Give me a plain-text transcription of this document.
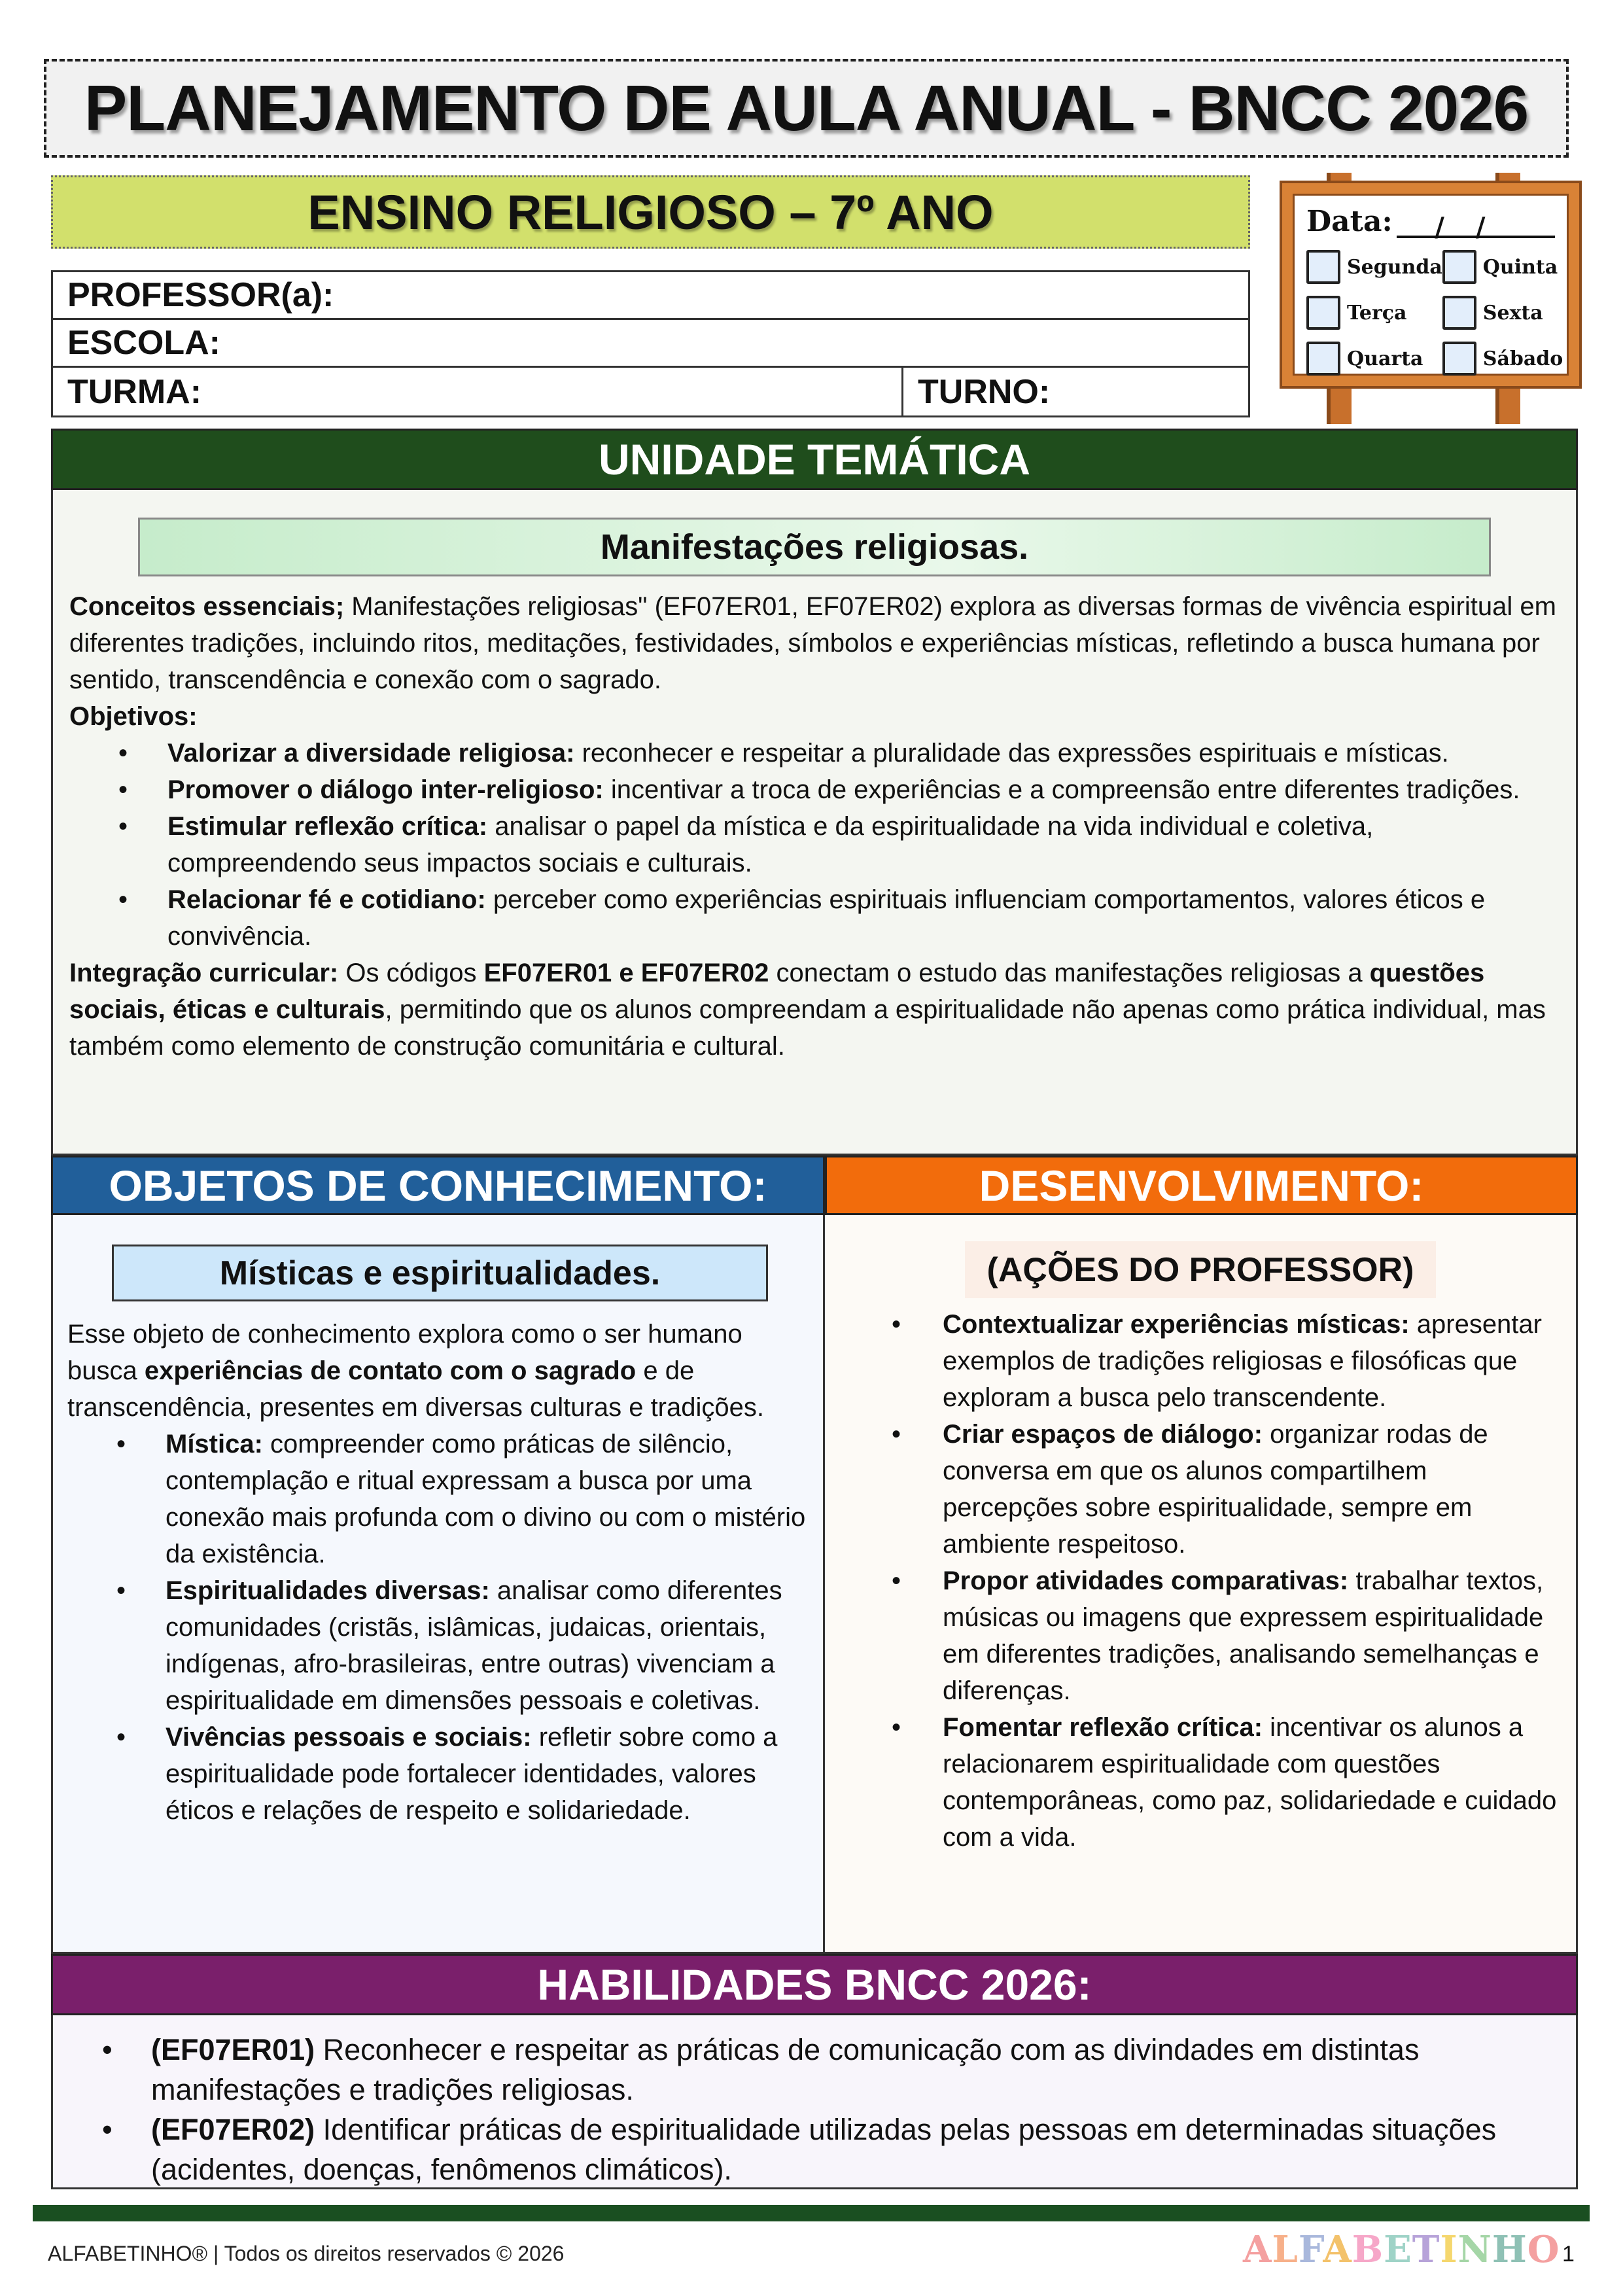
PLANEJAMENTO DE AULA ANUAL - BNCC 2026
ENSINO RELIGIOSO – 7º ANO
PROFESSOR(a):
ESCOLA:
TURMA:	TURNO:
Data:	//
Segunda Quinta
Terça	Sexta
Quarta	Sábado
UNIDADE TEMÁTICA
Manifestações religiosas.

Conceitos essenciais; Manifestações religiosas" (EF07ER01, EF07ER02) explora as diversas formas de vivência espiritual em diferentes tradições, incluindo ritos, meditações, festividades, símbolos e experiências místicas, refletindo a busca humana por sentido, transcendência e conexão com o sagrado.

Objetivos:

• Valorizar a diversidade religiosa: reconhecer e respeitar a pluralidade das expressões espirituais e místicas.
• Promover o diálogo inter-religioso: incentivar a troca de experiências e a compreensão entre diferentes tradições.
• Estimular reflexão crítica: analisar o papel da mística e da espiritualidade na vida individual e coletiva, compreendendo seus impactos sociais e culturais.
• Relacionar fé e cotidiano: perceber como experiências espirituais influenciam comportamentos, valores éticos e convivência.

Integração curricular: Os códigos EF07ER01 e EF07ER02 conectam o estudo das manifestações religiosas a questões sociais, éticas e culturais, permitindo que os alunos compreendam a espiritualidade não apenas como prática individual, mas também como elemento de construção comunitária e cultural.

OBJETOS DE CONHECIMENTO:	DESENVOLVIMENTO:
Místicas e espiritualidades.

Esse objeto de conhecimento explora como o ser humano busca experiências de contato com o sagrado e de transcendência, presentes em diversas culturas e tradições.

• Mística: compreender como práticas de silêncio, contemplação e ritual expressam a busca por uma conexão mais profunda com o divino ou com o mistério da existência.
• Espiritualidades diversas: analisar como diferentes comunidades (cristãs, islâmicas, judaicas, orientais, indígenas, afro-brasileiras, entre outras) vivenciam a espiritualidade em dimensões pessoais e coletivas.
• Vivências pessoais e sociais: refletir sobre como a espiritualidade pode fortalecer identidades, valores éticos e relações de respeito e solidariedade.
(AÇÕES DO PROFESSOR)
• Contextualizar experiências místicas: apresentar exemplos de tradições religiosas e filosóficas que exploram a busca pelo transcendente.
• Criar espaços de diálogo: organizar rodas de conversa em que os alunos compartilhem percepções sobre espiritualidade, sempre em ambiente respeitoso.
• Propor atividades comparativas: trabalhar textos, músicas ou imagens que expressem espiritualidade em diferentes tradições, analisando semelhanças e diferenças.
• Fomentar reflexão crítica: incentivar os alunos a relacionarem espiritualidade com questões contemporâneas, como paz, solidariedade e cuidado com a vida.
HABILIDADES BNCC 2026:
• (EF07ER01) Reconhecer e respeitar as práticas de comunicação com as divindades em distintas manifestações e tradições religiosas.
• (EF07ER02) Identificar práticas de espiritualidade utilizadas pelas pessoas em determinadas situações (acidentes, doenças, fenômenos climáticos).
ALFABETINHO® | Todos os direitos reservados © 2026	ALFABETINHO 1
